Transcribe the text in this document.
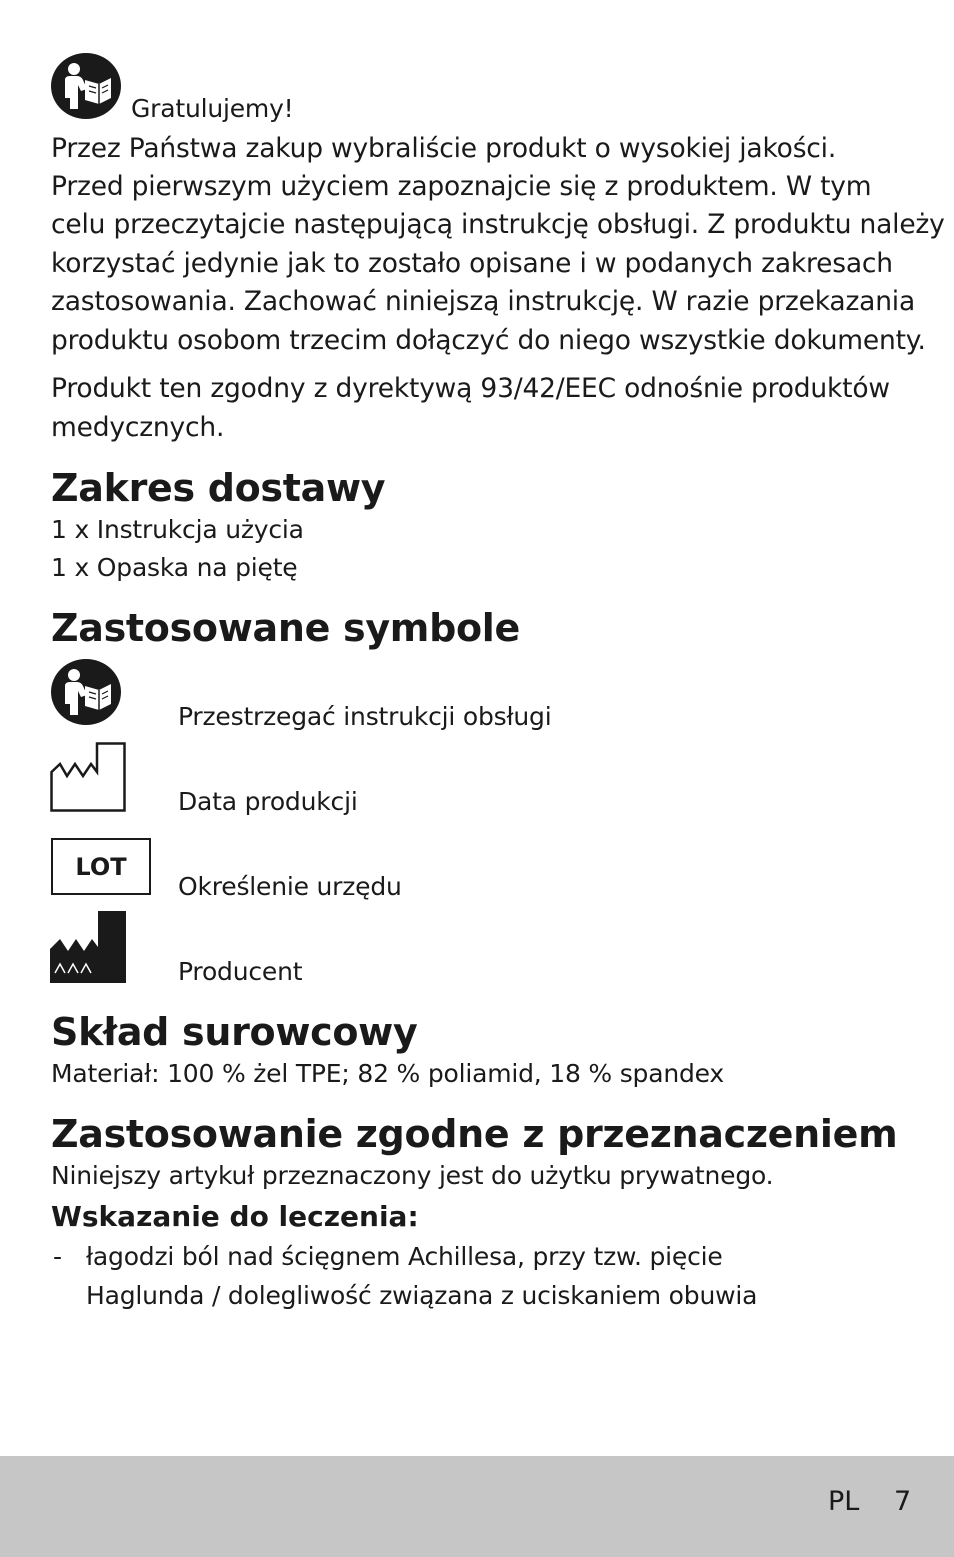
Gratulujemy!
Przez Państwa zakup wybraliście produkt o wysokiej jakości.
Przed pierwszym użyciem zapoznajcie się z produktem. W tym
celu przeczytajcie następującą instrukcję obsługi. Z produktu należy
korzystać jedynie jak to zostało opisane i w podanych zakresach
zastosowania. Zachować niniejszą instrukcję. W razie przekazania
produktu osobom trzecim dołączyć do niego wszystkie dokumenty.
Produkt ten zgodny z dyrektywą 93/42/EEC odnośnie produktów
medycznych.
Zakres dostawy
1 x Instrukcja użycia
1 x Opaska na piętę
Zastosowane symbole
Przestrzegać instrukcji obsługi
Data produkcji
LOT
Określenie urzędu
Producent
Skład surowcowy
Materiał: 100 % żel TPE; 82 % poliamid, 18 % spandex
Zastosowanie zgodne z przeznaczeniem
Niniejszy artykuł przeznaczony jest do użytku prywatnego.
Wskazanie do leczenia:
- łagodzi ból nad ścięgnem Achillesa, przy tzw. pięcie
Haglunda / dolegliwość związana z uciskaniem obuwia
PL 7
